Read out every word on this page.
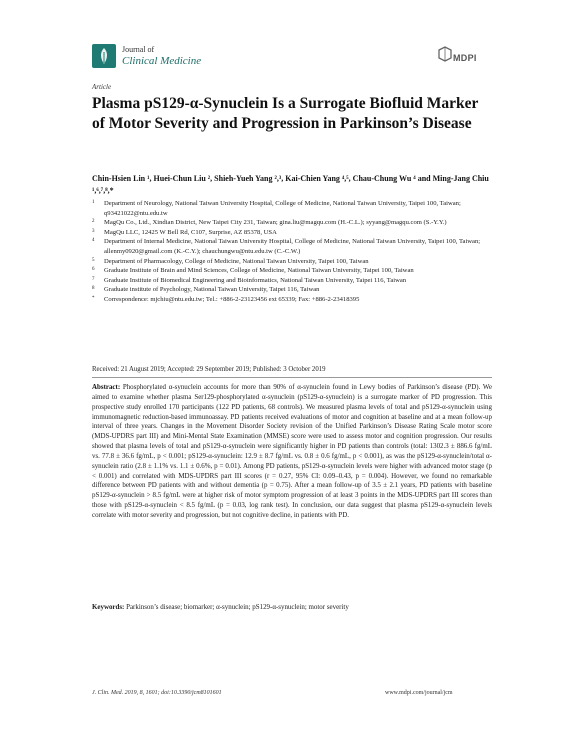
Journal of
Clinical Medicine	MDPI
Article
Plasma pS129-α-Synuclein Is a Surrogate Biofluid Marker of Motor Severity and Progression in Parkinson’s Disease
Chin-Hsien Lin ¹, Huei-Chun Liu ², Shieh-Yueh Yang ²,³, Kai-Chien Yang ⁴,⁵, Chau-Chung Wu ⁴ and Ming-Jang Chiu ¹,⁶,⁷,⁸,*
1	Department of Neurology, National Taiwan University Hospital, College of Medicine, National Taiwan University, Taipei 100, Taiwan; q93421022@ntu.edu.tw
2	MagQu Co., Ltd., Xindian District, New Taipei City 231, Taiwan; gina.liu@magqu.com (H.-C.L.); syyang@magqu.com (S.-Y.Y.)
3	MagQu LLC, 12425 W Bell Rd, C107, Surprise, AZ 85378, USA
4	Department of Internal Medicine, National Taiwan University Hospital, College of Medicine, National Taiwan University, Taipei 100, Taiwan; allenmy0920@gmail.com (K.-C.Y.); chauchungwu@ntu.edu.tw (C.-C.W.)
5	Department of Pharmacology, College of Medicine, National Taiwan University, Taipei 100, Taiwan
6	Graduate Institute of Brain and Mind Sciences, College of Medicine, National Taiwan University, Taipei 100, Taiwan
7	Graduate Institute of Biomedical Engineering and Bioinformatics, National Taiwan University, Taipei 116, Taiwan
8	Graduate institute of Psychology, National Taiwan University, Taipei 116, Taiwan
*	Correspondence: mjchiu@ntu.edu.tw; Tel.: +886-2-23123456 ext 65339; Fax: +886-2-23418395
Received: 21 August 2019; Accepted: 29 September 2019; Published: 3 October 2019
Abstract: Phosphorylated α-synuclein accounts for more than 90% of α-synuclein found in Lewy bodies of Parkinson’s disease (PD). We aimed to examine whether plasma Ser129-phosphorylated α-synuclein (pS129-α-synuclein) is a surrogate marker of PD progression. This prospective study enrolled 170 participants (122 PD patients, 68 controls). We measured plasma levels of total and pS129-α-synuclein using immunomagnetic reduction-based immunoassay. PD patients received evaluations of motor and cognition at baseline and at a mean follow-up interval of three years. Changes in the Movement Disorder Society revision of the Unified Parkinson’s Disease Rating Scale motor score (MDS-UPDRS part III) and Mini-Mental State Examination (MMSE) score were used to assess motor and cognition progression. Our results showed that plasma levels of total and pS129-α-synuclein were significantly higher in PD patients than controls (total: 1302.3 ± 886.6 fg/mL vs. 77.8 ± 36.6 fg/mL, p < 0.001; pS129-α-synuclein: 12.9 ± 8.7 fg/mL vs. 0.8 ± 0.6 fg/mL, p < 0.001), as was the pS129-α-synuclein/total α-synuclein ratio (2.8 ± 1.1% vs. 1.1 ± 0.6%, p = 0.01). Among PD patients, pS129-α-synuclein levels were higher with advanced motor stage (p < 0.001) and correlated with MDS-UPDRS part III scores (r = 0.27, 95% CI: 0.09–0.43, p = 0.004). However, we found no remarkable difference between PD patients with and without dementia (p = 0.75). After a mean follow-up of 3.5 ± 2.1 years, PD patients with baseline pS129-α-synuclein > 8.5 fg/mL were at higher risk of motor symptom progression of at least 3 points in the MDS-UPDRS part III scores than those with pS129-α-synuclein < 8.5 fg/mL (p = 0.03, log rank test). In conclusion, our data suggest that plasma pS129-α-synuclein levels correlate with motor severity and progression, but not cognitive decline, in patients with PD.
Keywords: Parkinson’s disease; biomarker; α-synuclein; pS129-α-synuclein; motor severity
J. Clin. Med. 2019, 8, 1601; doi:10.3390/jcm8101601	www.mdpi.com/journal/jcm
